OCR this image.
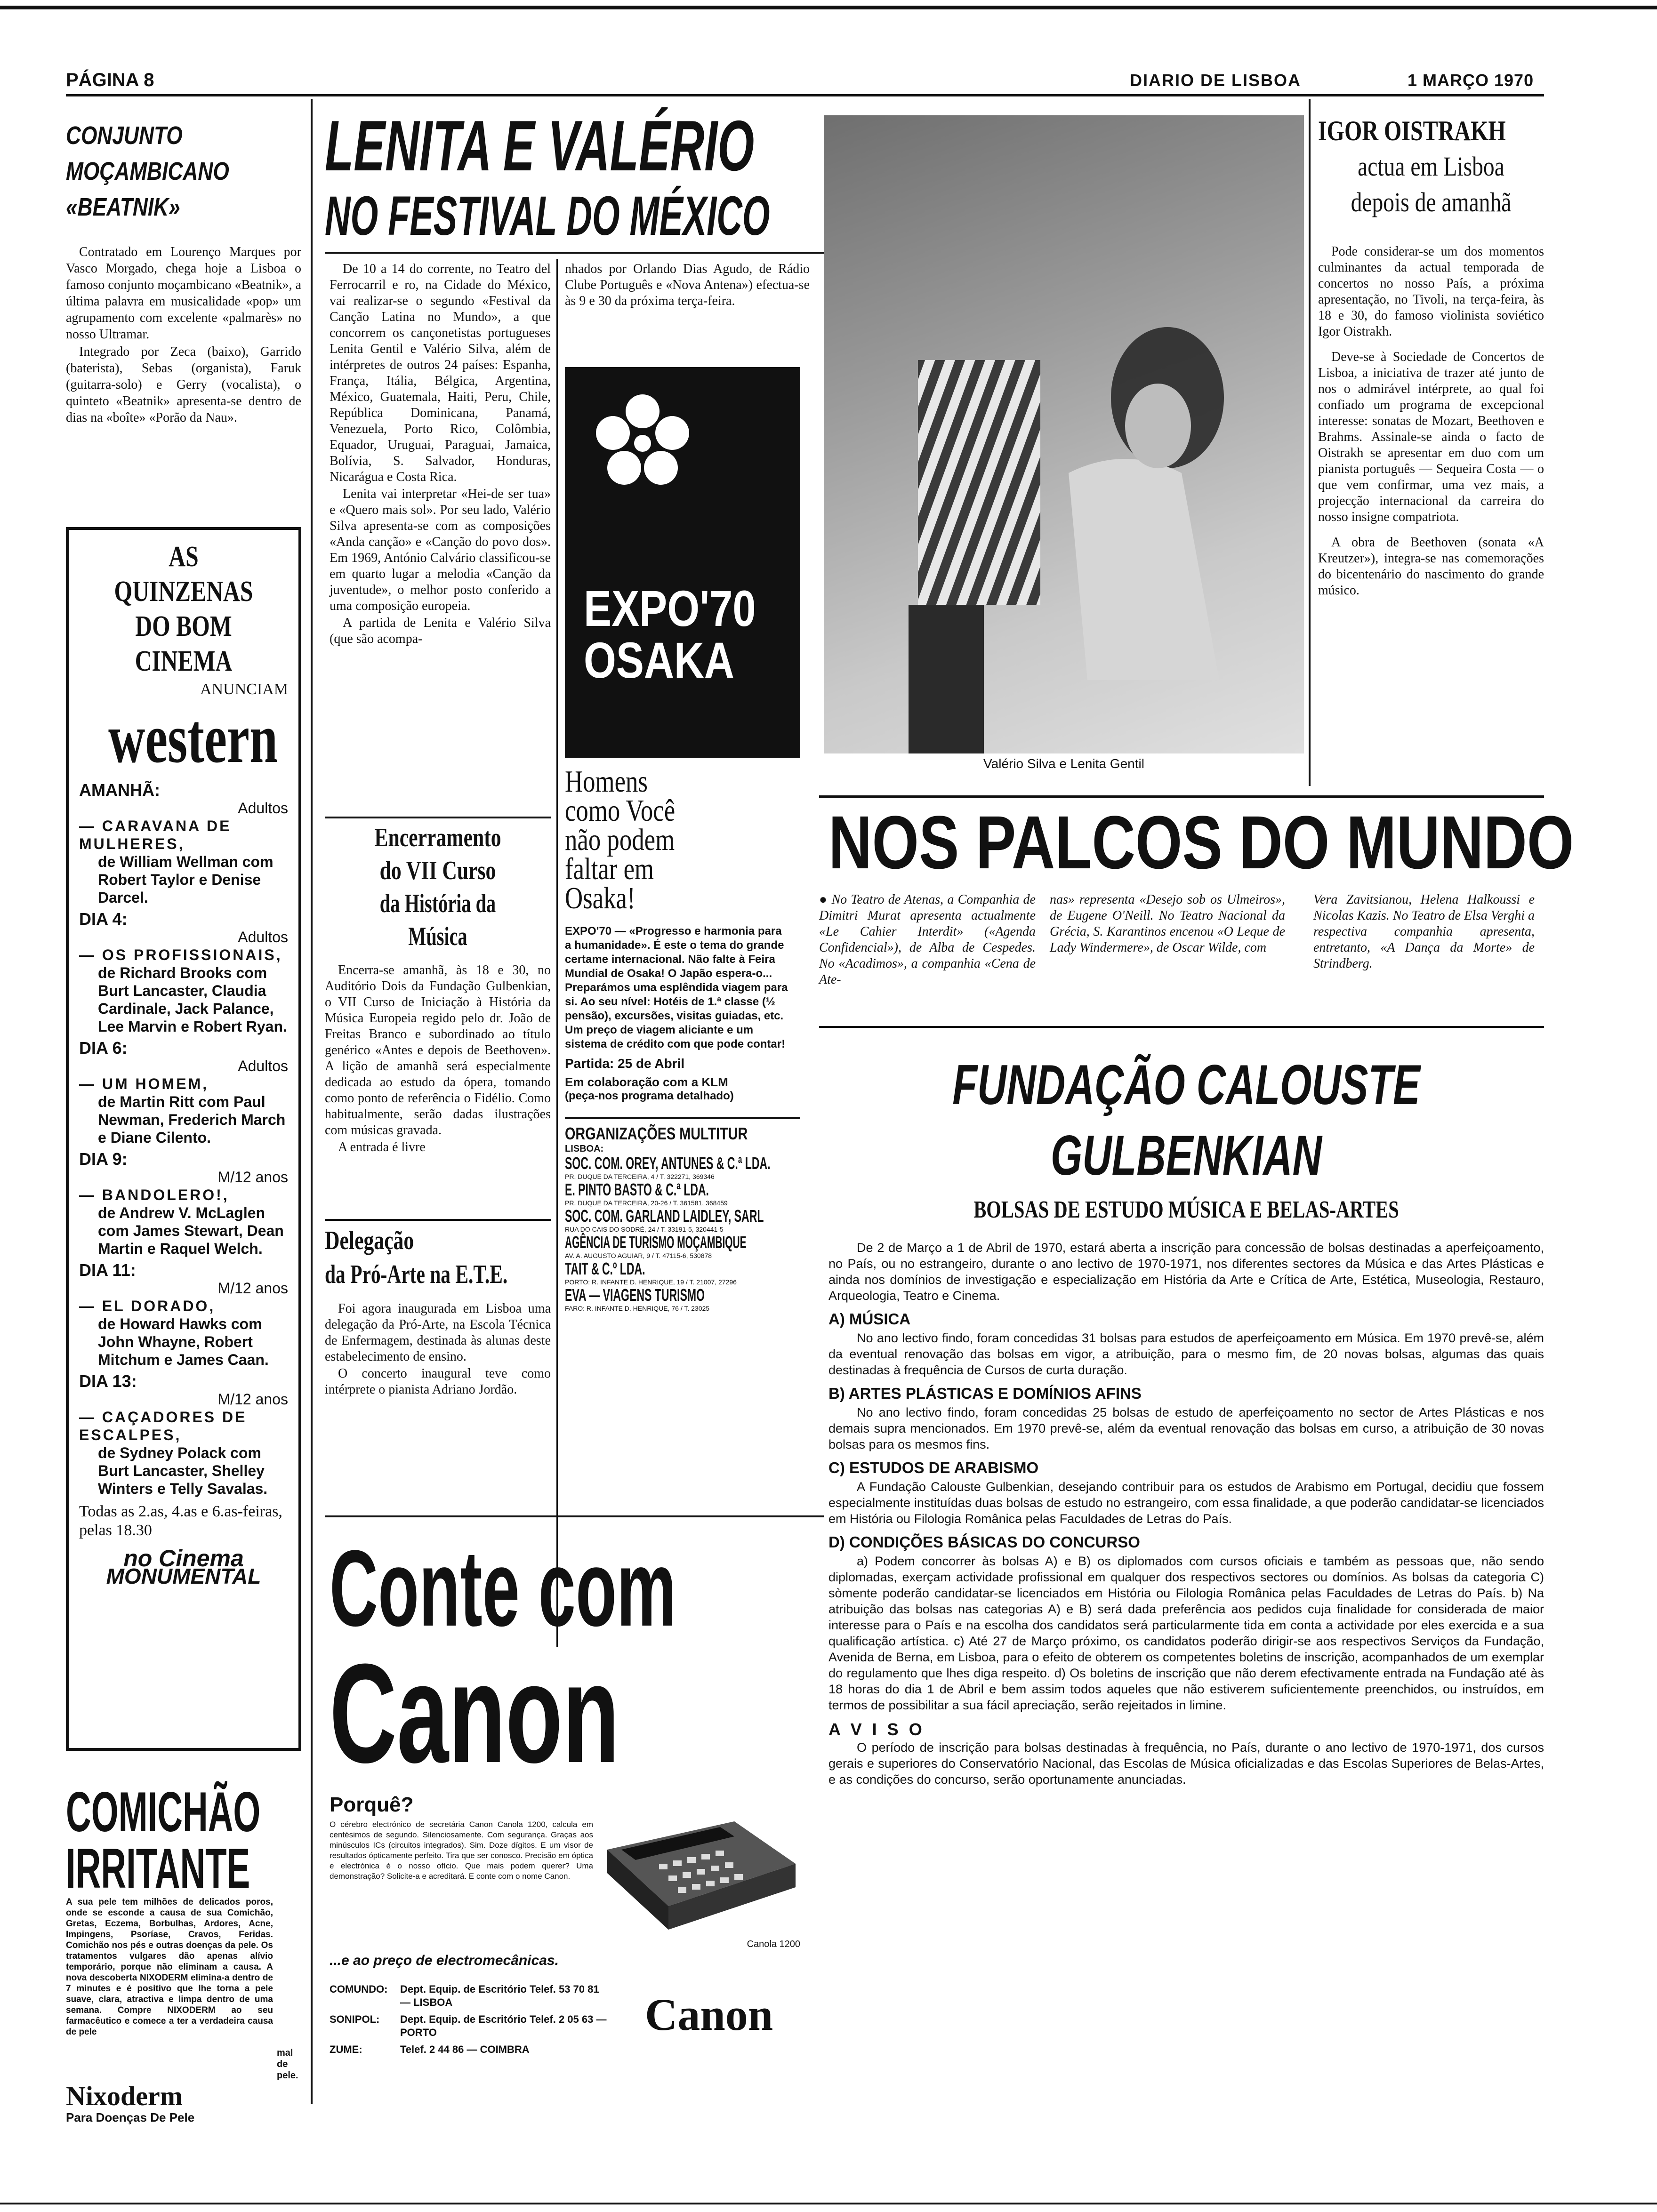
PÁGINA 8	DIARIO DE LISBOA	1 MARÇO 1970
CONJUNTO
MOÇAMBICANO
«BEATNIK»

Contratado em Lourenço Marques por Vasco Morgado, chega hoje a Lisboa o famoso conjunto moçambicano «Beatnik», a última palavra em musicalidade «pop» um agrupamento com excelente «palmarès» no nosso Ultramar.

Integrado por Zeca (baixo), Garrido (baterista), Sebas (organista), Faruk (guitarra-solo) e Gerry (vocalista), o quinteto «Beatnik» apresenta-se dentro de dias na «boîte» «Porão da Nau».

AS QUINZENAS
DO BOM CINEMA
ANUNCIAM
western
AMANHÃ:
Adultos
— CARAVANA DE MULHERES,
de William Wellman com Robert Taylor e Denise Darcel.
DIA 4:
Adultos
— OS PROFISSIONAIS,
de Richard Brooks com Burt Lancaster, Claudia Cardinale, Jack Palance, Lee Marvin e Robert Ryan.
DIA 6:
Adultos
— UM HOMEM,
de Martin Ritt com Paul Newman, Frederich March e Diane Cilento.
DIA 9:
M/12 anos
— BANDOLERO!,
de Andrew V. McLaglen com James Stewart, Dean Martin e Raquel Welch.
DIA 11:
M/12 anos
— EL DORADO,
de Howard Hawks com John Whayne, Robert Mitchum e James Caan.
DIA 13:
M/12 anos
— CAÇADORES DE ESCALPES,
de Sydney Polack com Burt Lancaster, Shelley Winters e Telly Savalas.
Todas as 2.as, 4.as e 6.as-feiras, pelas 18.30
no Cinema
MONUMENTAL
COMICHÃO
IRRITANTE
A sua pele tem milhões de delicados poros, onde se esconde a causa de sua Comichão, Gretas, Eczema, Borbulhas, Ardores, Acne, Impingens, Psoríase, Cravos, Feridas. Comichão nos pés e outras doenças da pele. Os tratamentos vulgares dão apenas alívio temporário, porque não eliminam a causa. A nova descoberta NIXODERM elimina-a dentro de 7 minutes e é positivo que lhe torna a pele suave, clara, atractiva e limpa dentro de uma semana. Compre NIXODERM ao seu farmacêutico e comece a ter a verdadeira causa de pele
mal de pele.
Nixoderm
Para Doenças De Pele
LENITA E VALÉRIO
NO FESTIVAL DO MÉXICO

De 10 a 14 do corrente, no Teatro del Ferrocarril e ro, na Cidade do México, vai realizar-se o segundo «Festival da Canção Latina no Mundo», a que concorrem os cançonetistas portugueses Lenita Gentil e Valério Silva, além de intérpretes de outros 24 países: Espanha, França, Itália, Bélgica, Argentina, México, Guatemala, Haiti, Peru, Chile, República Dominicana, Panamá, Venezuela, Porto Rico, Colômbia, Equador, Uruguai, Paraguai, Jamaica, Bolívia, S. Salvador, Honduras, Nicarágua e Costa Rica.

Lenita vai interpretar «Hei-de ser tua» e «Quero mais sol». Por seu lado, Valério Silva apresenta-se com as composições «Anda canção» e «Canção do povo dos». Em 1969, António Calvário classificou-se em quarto lugar a melodia «Canção da juventude», o melhor posto conferido a uma composição europeia.

A partida de Lenita e Valério Silva (que são acompa-

nhados por Orlando Dias Agudo, de Rádio Clube Português e «Nova Antena») efectua-se às 9 e 30 da próxima terça-feira.
Encerramento
do VII Curso
da História da Música

Encerra-se amanhã, às 18 e 30, no Auditório Dois da Fundação Gulbenkian, o VII Curso de Iniciação à História da Música Europeia regido pelo dr. João de Freitas Branco e subordinado ao título genérico «Antes e depois de Beethoven». A lição de amanhã será especialmente dedicada ao estudo da ópera, tomando como ponto de referência o Fidélio. Como habitualmente, serão dadas ilustrações com músicas gravada.

A entrada é livre

Delegação
da Pró-Arte na E.T.E.

Foi agora inaugurada em Lisboa uma delegação da Pró-Arte, na Escola Técnica de Enfermagem, destinada às alunas deste estabelecimento de ensino.

O concerto inaugural teve como intérprete o pianista Adriano Jordão.

EXPO'70
OSAKA
Homens
como Você
não podem
faltar em
Osaka!
EXPO'70 — «Progresso e harmonia para a humanidade». É este o tema do grande certame internacional. Não falte à Feira Mundial de Osaka! O Japão espera-o... Preparámos uma esplêndida viagem para si. Ao seu nível: Hotéis de 1.ª classe (½ pensão), excursões, visitas guiadas, etc. Um preço de viagem aliciante e um sistema de crédito com que pode contar!
Partida: 25 de Abril
Em colaboração com a KLM
(peça-nos programa detalhado)
ORGANIZAÇÕES MULTITUR
LISBOA:
SOC. COM. OREY, ANTUNES & C.ª LDA.
PR. DUQUE DA TERCEIRA, 4 / T. 322271, 369346
E. PINTO BASTO & C.ª LDA.
PR. DUQUE DA TERCEIRA, 20-26 / T. 361581, 368459
SOC. COM. GARLAND LAIDLEY, SARL
RUA DO CAIS DO SODRÉ, 24 / T. 33191-5, 320441-5
AGÊNCIA DE TURISMO MOÇAMBIQUE
AV. A. AUGUSTO AGUIAR, 9 / T. 47115-6, 530878
TAIT & C.º LDA.
PORTO: R. INFANTE D. HENRIQUE, 19 / T. 21007, 27296
EVA — VIAGENS TURISMO
FARO: R. INFANTE D. HENRIQUE, 76 / T. 23025
Valério Silva e Lenita Gentil
IGOR OISTRAKH
actua em Lisboa
depois de amanhã

Pode considerar-se um dos momentos culminantes da actual temporada de concertos no nosso País, a próxima apresentação, no Tivoli, na terça-feira, às 18 e 30, do famoso violinista soviético Igor Oistrakh.

Deve-se à Sociedade de Concertos de Lisboa, a iniciativa de trazer até junto de nos o admirável intérprete, ao qual foi confiado um programa de excepcional interesse: sonatas de Mozart, Beethoven e Brahms. Assinale-se ainda o facto de Oistrakh se apresentar em duo com um pianista português — Sequeira Costa — o que vem confirmar, uma vez mais, a projecção internacional da carreira do nosso insigne compatriota.

A obra de Beethoven (sonata «A Kreutzer»), integra-se nas comemorações do bicentenário do nascimento do grande músico.

NOS PALCOS DO MUNDO
● No Teatro de Atenas, a Companhia de Dimitri Murat apresenta actualmente «Le Cahier Interdit» («Agenda Confidencial»), de Alba de Cespedes. No «Acadimos», a companhia «Cena de Ate-
nas» representa «Desejo sob os Ulmeiros», de Eugene O'Neill. No Teatro Nacional da Grécia, S. Karantinos encenou «O Leque de Lady Windermere», de Oscar Wilde, com
Vera Zavitsianou, Helena Halkoussi e Nicolas Kazis. No Teatro de Elsa Verghi a respectiva companhia apresenta, entretanto, «A Dança da Morte» de Strindberg.
Conte com
Canon
Porquê?
O cérebro electrónico de secretária Canon Canola 1200, calcula em centésimos de segundo. Silenciosamente. Com segurança. Graças aos minúsculos ICs (circuitos integrados). Sim. Doze dígitos. E um visor de resultados ópticamente perfeito. Tira que ser conosco. Precisão em óptica e electrónica é o nosso ofício. Que mais podem querer? Uma demonstração? Solicite-a e acreditará. E conte com o nome Canon.
Canola 1200
...e ao preço de electromecânicas.
COMUNDO:	Dept. Equip. de Escritório Telef. 53 70 81 — LISBOA
SONIPOL:	Dept. Equip. de Escritório Telef. 2 05 63 — PORTO
ZUME:	Telef. 2 44 86 — COIMBRA
Canon
FUNDAÇÃO CALOUSTE
GULBENKIAN
BOLSAS DE ESTUDO MÚSICA E BELAS-ARTES
De 2 de Março a 1 de Abril de 1970, estará aberta a inscrição para concessão de bolsas destinadas a aperfeiçoamento, no País, ou no estrangeiro, durante o ano lectivo de 1970-1971, nos diferentes sectores da Música e das Artes Plásticas e ainda nos domínios de investigação e especialização em História da Arte e Crítica de Arte, Estética, Museologia, Restauro, Arqueologia, Teatro e Cinema.
A) MÚSICA
No ano lectivo findo, foram concedidas 31 bolsas para estudos de aperfeiçoamento em Música. Em 1970 prevê-se, além da eventual renovação das bolsas em vigor, a atribuição, para o mesmo fim, de 20 novas bolsas, algumas das quais destinadas à frequência de Cursos de curta duração.
B) ARTES PLÁSTICAS E DOMÍNIOS AFINS
No ano lectivo findo, foram concedidas 25 bolsas de estudo de aperfeiçoamento no sector de Artes Plásticas e nos demais supra mencionados. Em 1970 prevê-se, além da eventual renovação das bolsas em curso, a atribuição de 30 novas bolsas para os mesmos fins.
C) ESTUDOS DE ARABISMO
A Fundação Calouste Gulbenkian, desejando contribuir para os estudos de Arabismo em Portugal, decidiu que fossem especialmente instituídas duas bolsas de estudo no estrangeiro, com essa finalidade, a que poderão candidatar-se licenciados em História ou Filologia Românica pelas Faculdades de Letras do País.
D) CONDIÇÕES BÁSICAS DO CONCURSO
a) Podem concorrer às bolsas A) e B) os diplomados com cursos oficiais e também as pessoas que, não sendo diplomadas, exerçam actividade profissional em qualquer dos respectivos sectores ou domínios. As bolsas da categoria C) sòmente poderão candidatar-se licenciados em História ou Filologia Românica pelas Faculdades de Letras do País. b) Na atribuição das bolsas nas categorias A) e B) será dada preferência aos pedidos cuja finalidade for considerada de maior interesse para o País e na escolha dos candidatos será particularmente tida em conta a actividade por eles exercida e a sua qualificação artística. c) Até 27 de Março próximo, os candidatos poderão dirigir-se aos respectivos Serviços da Fundação, Avenida de Berna, em Lisboa, para o efeito de obterem os competentes boletins de inscrição, acompanhados de um exemplar do regulamento que lhes diga respeito. d) Os boletins de inscrição que não derem efectivamente entrada na Fundação até às 18 horas do dia 1 de Abril e bem assim todos aqueles que não estiverem suficientemente preenchidos, ou instruídos, em termos de possibilitar a sua fácil apreciação, serão rejeitados in limine.
A V I S O
O período de inscrição para bolsas destinadas à frequência, no País, durante o ano lectivo de 1970-1971, dos cursos gerais e superiores do Conservatório Nacional, das Escolas de Música oficializadas e das Escolas Superiores de Belas-Artes, e as condições do concurso, serão oportunamente anunciadas.
